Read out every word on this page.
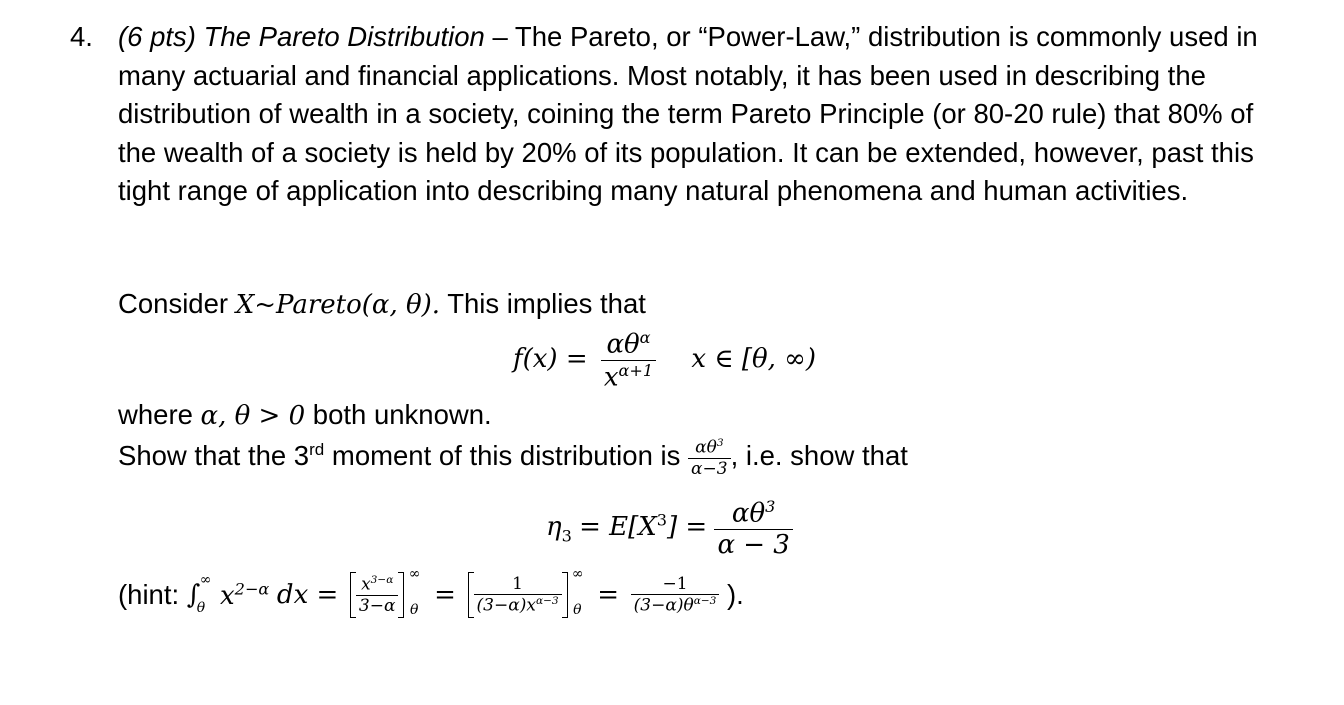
4. (6 pts) The Pareto Distribution – The Pareto, or “Power-Law,” distribution is commonly used in many actuarial and financial applications. Most notably, it has been used in describing the distribution of wealth in a society, coining the term Pareto Principle (or 80-20 rule) that 80% of the wealth of a society is held by 20% of its population. It can be extended, however, past this tight range of application into describing many natural phenomena and human activities.
Consider X~Pareto(α, θ). This implies that
$f(x) = \frac{\alpha\theta^\alpha}{x^{\alpha+1}}$ x ∈ [θ, ∞)
where α, θ > 0 both unknown.
Show that the 3rd moment of this distribution is $\frac{\alpha\theta^3}{\alpha-3}$ , i.e. show that
$\eta_3 = E[X^3] = \frac{\alpha\theta^3}{\alpha - 3}$
(hint: ∫ ∞
θ $x^{2-\alpha}$ dx = $\frac{x^{3-\alpha}}{3-\alpha}$
∞
$\theta = \frac{1}{(3-\alpha)x^{\alpha-3}}$
∞
$\theta = \frac{-1}{(3-\alpha)\theta^{\alpha-3}}$ ).
